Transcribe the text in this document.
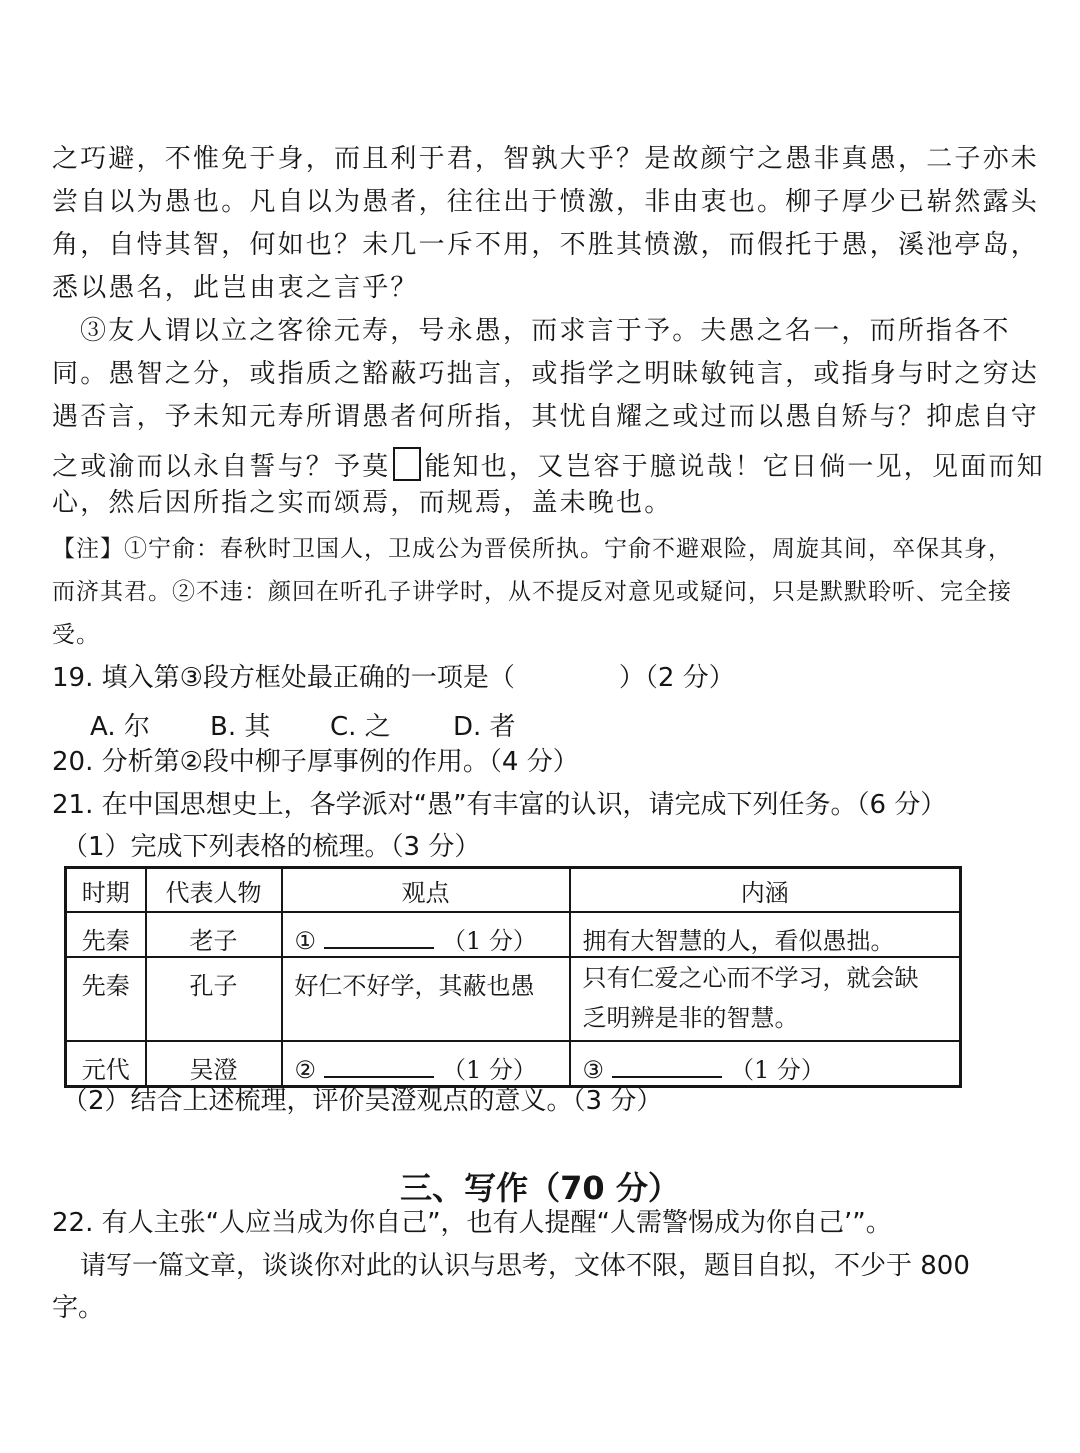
之巧避，不惟免于身，而且利于君，智孰大乎？是故颜宁之愚非真愚，二子亦未
尝自以为愚也。凡自以为愚者，往往出于愤激，非由衷也。柳子厚少已崭然露头
角，自恃其智，何如也？未几一斥不用，不胜其愤激，而假托于愚，溪池亭岛，
悉以愚名，此岂由衷之言乎？
③友人谓以立之客徐元寿，号永愚，而求言于予。夫愚之名一，而所指各不
同。愚智之分，或指质之豁蔽巧拙言，或指学之明昧敏钝言，或指身与时之穷达
遇否言，予未知元寿所谓愚者何所指，其忧自耀之或过而以愚自矫与？抑虑自守
之或渝而以永自誓与？予莫 能知也，又岂容于臆说哉！它日倘一见，见面而知
心，然后因所指之实而颂焉，而规焉，盖未晚也。
【注】①宁俞：春秋时卫国人，卫成公为晋侯所执。宁俞不避艰险，周旋其间，卒保其身，
而济其君。②不违：颜回在听孔子讲学时，从不提反对意见或疑问，只是默默聆听、完全接
受。
19. 填入第③段方框处最正确的一项是（　　　　）（2 分）
A. 尔 B. 其 C. 之 D. 者
20. 分析第②段中柳子厚事例的作用。（4 分）
21. 在中国思想史上，各学派对“愚”有丰富的认识，请完成下列任务。（6 分）
（1）完成下列表格的梳理。（3 分）
时期	代表人物	观点	内涵
先秦	老子	① （1 分）	拥有大智慧的人，看似愚拙。
先秦	孔子	好仁不好学，其蔽也愚	只有仁爱之心而不学习，就会缺
乏明辨是非的智慧。

元代	吴澄	② （1 分）	③ （1 分）
（2）结合上述梳理，评价吴澄观点的意义。（3 分）
三、写作（70 分）
22. 有人主张“人应当成为你自己”，也有人提醒“人需警惕成为你自己’”。
请写一篇文章，谈谈你对此的认识与思考，文体不限，题目自拟，不少于 800
字。
